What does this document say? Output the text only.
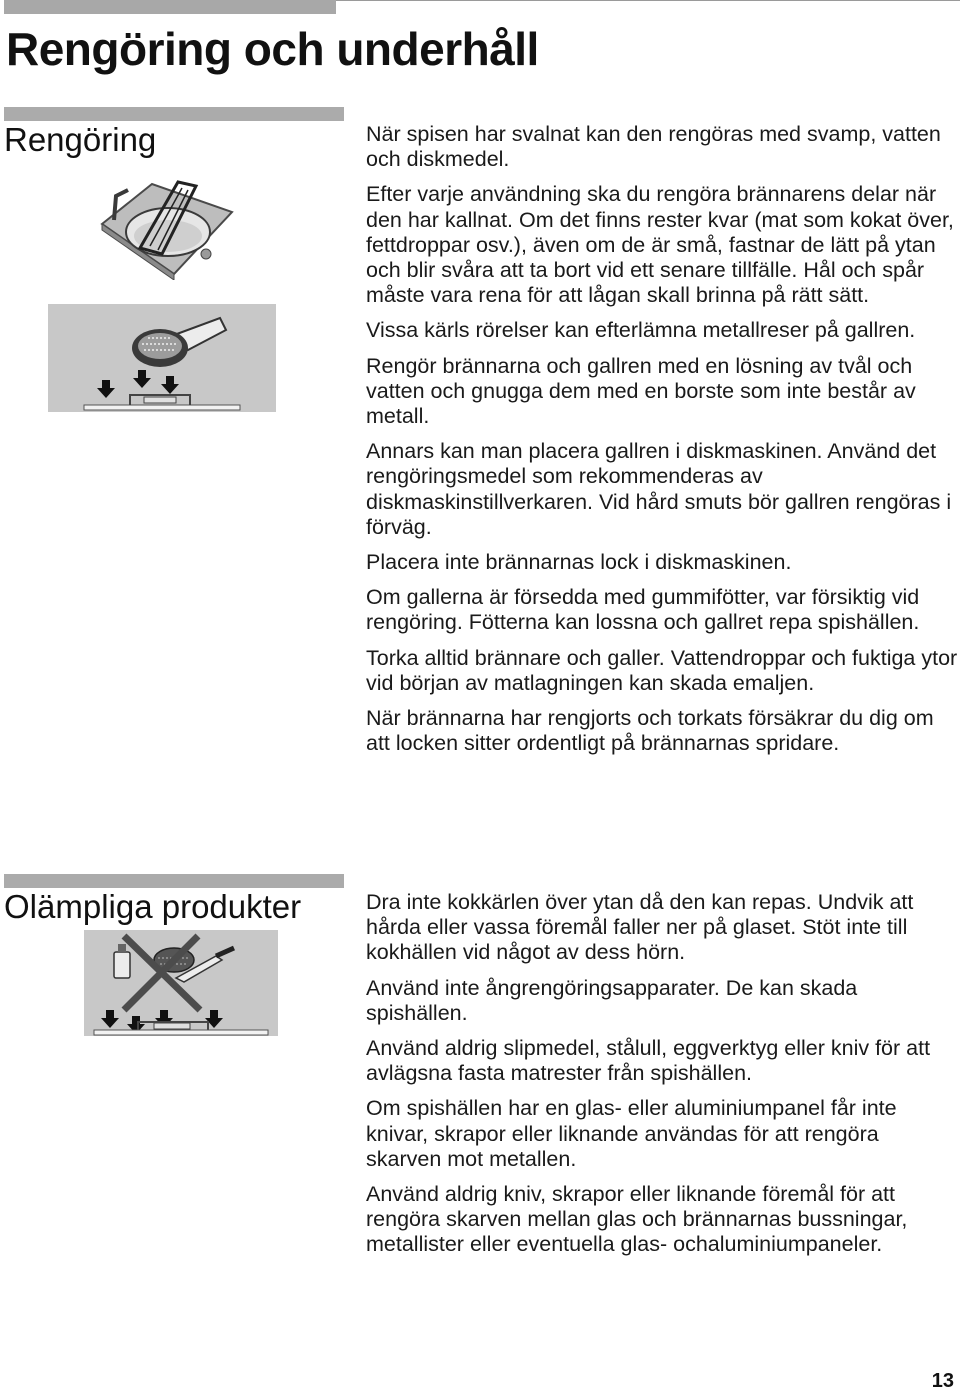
Rengöring och underhåll
Rengöring	När spisen har svalnat kan den rengöras med svamp, vatten och diskmedel.

Efter varje användning ska du rengöra brännarens delar när den har kallnat. Om det finns rester kvar (mat som kokat över, fettdroppar osv.), även om de är små, fastnar de lätt på ytan och blir svåra att ta bort vid ett senare tillfälle. Hål och spår måste vara rena för att lågan skall brinna på rätt sätt.

Vissa kärls rörelser kan efterlämna metallreser på gallren.

Rengör brännarna och gallren med en lösning av tvål och vatten och gnugga dem med en borste som inte består av metall.

Annars kan man placera gallren i diskmaskinen. Använd det rengöringsmedel som rekommenderas av diskmaskinstillverkaren. Vid hård smuts bör gallren rengöras i förväg.

Placera inte brännarnas lock i diskmaskinen.

Om gallerna är försedda med gummifötter, var försiktig vid rengöring. Fötterna kan lossna och gallret repa spishällen.

Torka alltid brännare och galler. Vattendroppar och fuktiga ytor vid början av matlagningen kan skada emaljen.

När brännarna har rengjorts och torkats försäkrar du dig om att locken sitter ordentligt på brännarnas spridare.

Olämpliga produkter	Dra inte kokkärlen över ytan då den kan repas. Undvik att hårda eller vassa föremål faller ner på glaset. Stöt inte till kokhällen vid något av dess hörn.

Använd inte ångrengöringsapparater. De kan skada spishällen.

Använd aldrig slipmedel, stålull, eggverktyg eller kniv för att avlägsna fasta matrester från spishällen.

Om spishällen har en glas- eller aluminiumpanel får inte knivar, skrapor eller liknande användas för att rengöra skarven mot metallen.

Använd aldrig kniv, skrapor eller liknande föremål för att rengöra skarven mellan glas och brännarnas bussningar, metallister eller eventuella glas- ochaluminiumpaneler.

13
